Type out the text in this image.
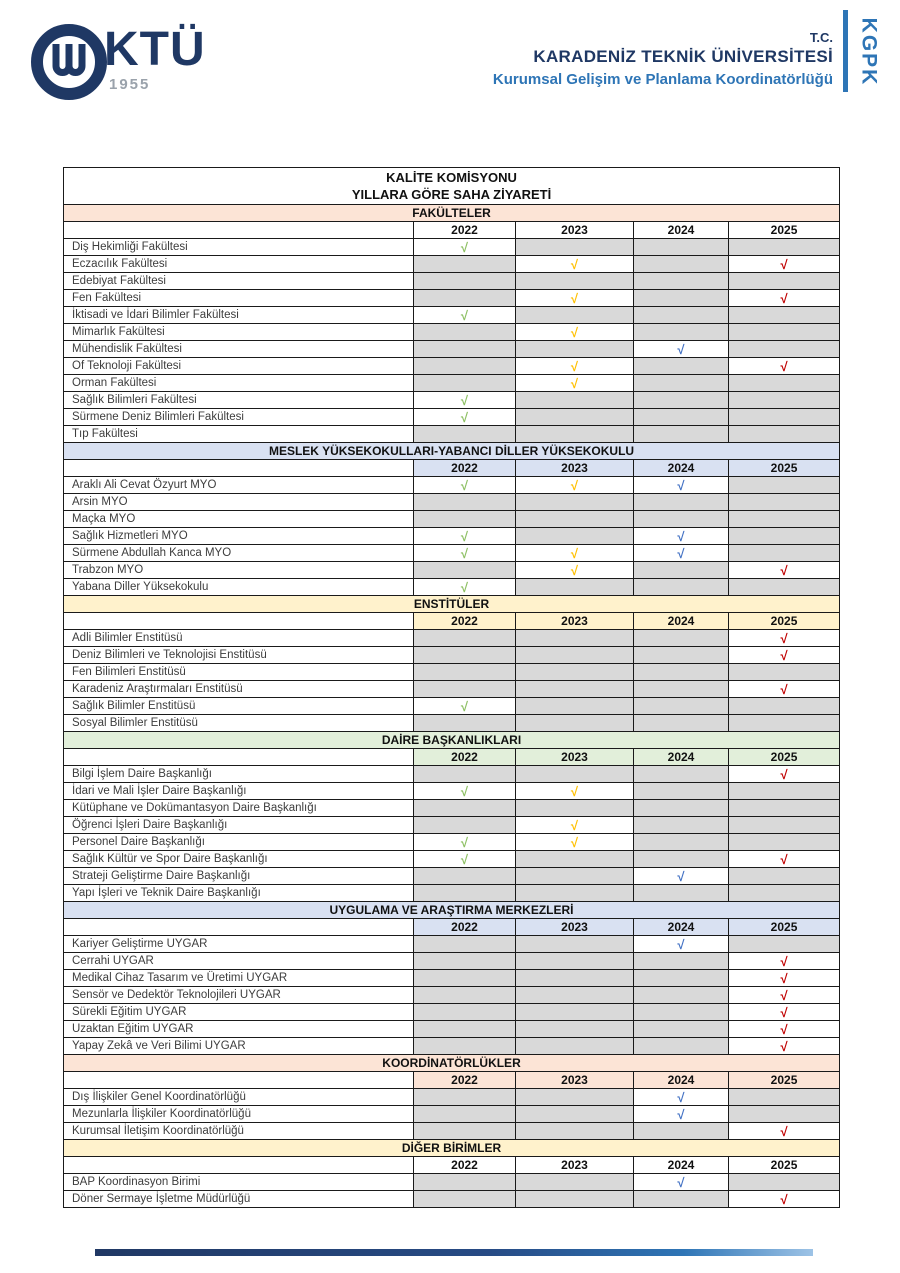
KTÜ
1955
T.C.
KARADENİZ TEKNİK ÜNİVERSİTESİ
Kurumsal Gelişim ve Planlama Koordinatörlüğü KGPK
KALİTE KOMİSYONU
YILLARA GÖRE SAHA ZİYARETİ				

FAKÜLTELER				
	2022	2023	2024	2025
Diş Hekimliği Fakültesi	√			
Eczacılık Fakültesi		√		√
Edebiyat Fakültesi				
Fen Fakültesi		√		√
İktisadi ve İdari Bilimler Fakültesi	√			
Mimarlık Fakültesi		√		
Mühendislik Fakültesi			√	
Of Teknoloji Fakültesi		√		√
Orman Fakültesi		√		
Sağlık Bilimleri Fakültesi	√			
Sürmene Deniz Bilimleri Fakültesi	√			
Tıp Fakültesi				
MESLEK YÜKSEKOKULLARI-YABANCI DİLLER YÜKSEKOKULU				
	2022	2023	2024	2025
Araklı Ali Cevat Özyurt MYO	√	√	√	
Arsin MYO				
Maçka MYO				
Sağlık Hizmetleri MYO	√		√	
Sürmene Abdullah Kanca MYO	√	√	√	
Trabzon MYO		√		√
Yabana Diller Yüksekokulu	√			
ENSTİTÜLER				
	2022	2023	2024	2025
Adli Bilimler Enstitüsü				√
Deniz Bilimleri ve Teknolojisi Enstitüsü				√
Fen Bilimleri Enstitüsü				
Karadeniz Araştırmaları Enstitüsü				√
Sağlık Bilimler Enstitüsü	√			
Sosyal Bilimler Enstitüsü				
DAİRE BAŞKANLIKLARI				
	2022	2023	2024	2025
Bilgi İşlem Daire Başkanlığı				√
İdari ve Mali İşler Daire Başkanlığı	√	√		
Kütüphane ve Dokümantasyon Daire Başkanlığı				
Öğrenci İşleri Daire Başkanlığı		√		
Personel Daire Başkanlığı	√	√		
Sağlık Kültür ve Spor Daire Başkanlığı	√			√
Strateji Geliştirme Daire Başkanlığı			√	
Yapı İşleri ve Teknik Daire Başkanlığı				
UYGULAMA VE ARAŞTIRMA MERKEZLERİ				
	2022	2023	2024	2025
Kariyer Geliştirme UYGAR			√	
Cerrahi UYGAR				√
Medikal Cihaz Tasarım ve Üretimi UYGAR				√
Sensör ve Dedektör Teknolojileri UYGAR				√
Sürekli Eğitim UYGAR				√
Uzaktan Eğitim UYGAR				√
Yapay Zekâ ve Veri Bilimi UYGAR				√
KOORDİNATÖRLÜKLER				
	2022	2023	2024	2025
Dış İlişkiler Genel Koordinatörlüğü			√	
Mezunlarla İlişkiler Koordinatörlüğü			√	
Kurumsal İletişim Koordinatörlüğü				√
DİĞER BİRİMLER				
	2022	2023	2024	2025
BAP Koordinasyon Birimi			√	
Döner Sermaye İşletme Müdürlüğü				√
